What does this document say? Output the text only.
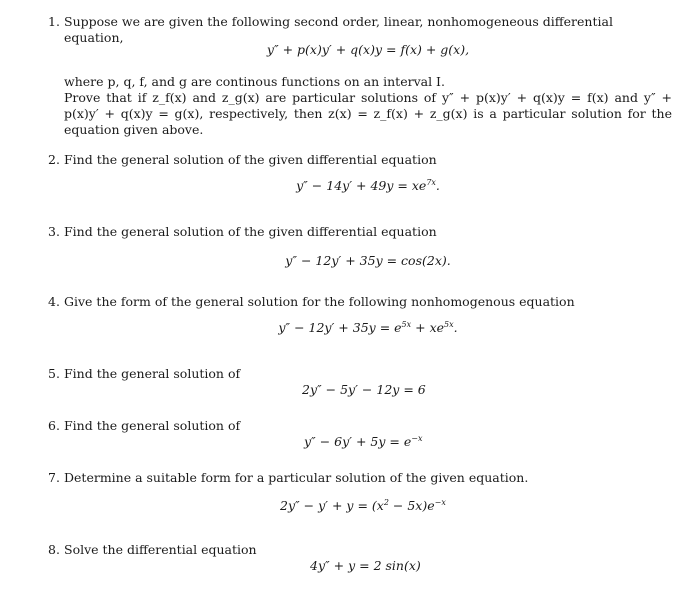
1. Suppose we are given the following second order, linear, nonhomogeneous differential equation,
y″ + p(x)y′ + q(x)y = f(x) + g(x),
where p, q, f, and g are continous functions on an interval I.
Prove that if z_f(x) and z_g(x) are particular solutions of y″ + p(x)y′ + q(x)y = f(x) and y″ + p(x)y′ + q(x)y = g(x), respectively, then z(x) = z_f(x) + z_g(x) is a particular solution for the equation given above.
2. Find the general solution of the given differential equation
$y'' - 14y' + 49y = xe^{7x}$.
3. Find the general solution of the given differential equation
y″ − 12y′ + 35y = cos(2x).
4. Give the form of the general solution for the following nonhomogenous equation
$y'' - 12y' + 35y = e^{5x} + xe^{5x}$.
5. Find the general solution of
2y″ − 5y′ − 12y = 6
6. Find the general solution of
$y'' - 6y' + 5y = e^{-x}$
7. Determine a suitable form for a particular solution of the given equation.
$2y'' - y' + y = (x^2 - 5x)e^{-x}$
8. Solve the differential equation
4y″ + y = 2 sin(x)
